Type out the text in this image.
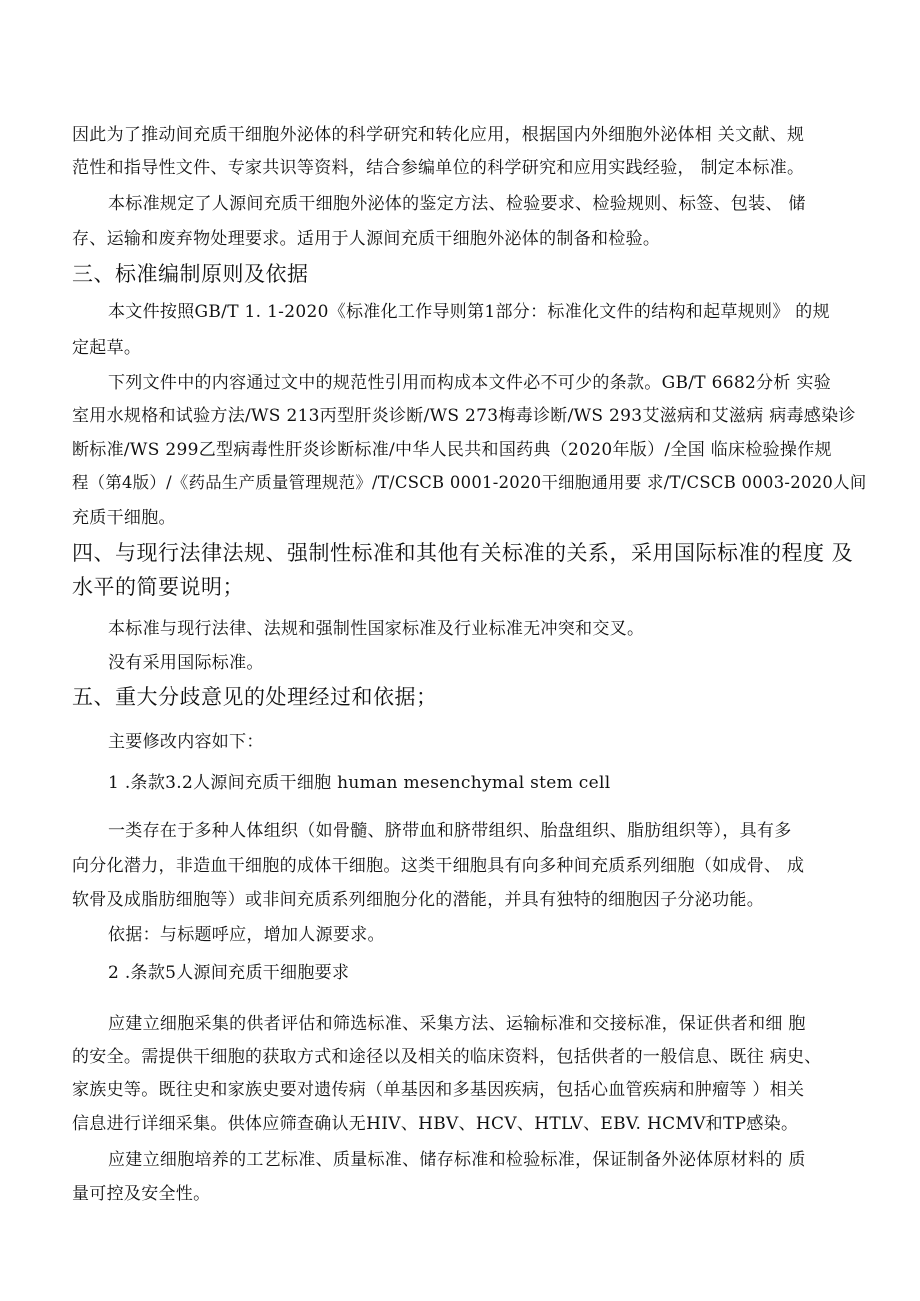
因此为了推动间充质干细胞外泌体的科学研究和转化应用，根据国内外细胞外泌体相 关文献、规
范性和指导性文件、专家共识等资料，结合参编单位的科学研究和应用实践经验， 制定本标准。
本标准规定了人源间充质干细胞外泌体的鉴定方法、检验要求、检验规则、标签、包装、 储
存、运输和废弃物处理要求。适用于人源间充质干细胞外泌体的制备和检验。
三、标准编制原则及依据
本文件按照GB/T 1. 1-2020《标准化工作导则第1部分：标准化文件的结构和起草规则》 的规
定起草。
下列文件中的内容通过文中的规范性引用而构成本文件必不可少的条款。GB/T 6682分析 实验
室用水规格和试验方法/WS 213丙型肝炎诊断/WS 273梅毒诊断/WS 293艾滋病和艾滋病 病毒感染诊
断标准/WS 299乙型病毒性肝炎诊断标准/中华人民共和国药典（2020年版）/全国 临床检验操作规
程（第4版）/《药品生产质量管理规范》/T/CSCB 0001-2020干细胞通用要 求/T/CSCB 0003-2020人间
充质干细胞。
四、与现行法律法规、强制性标准和其他有关标准的关系，采用国际标准的程度 及
水平的简要说明；
本标准与现行法律、法规和强制性国家标准及行业标准无冲突和交叉。
没有采用国际标准。
五、重大分歧意见的处理经过和依据；
主要修改内容如下：
1 .条款3.2人源间充质干细胞 human mesenchymal stem cell
一类存在于多种人体组织（如骨髓、脐带血和脐带组织、胎盘组织、脂肪组织等），具有多
向分化潜力，非造血干细胞的成体干细胞。这类干细胞具有向多种间充质系列细胞（如成骨、 成
软骨及成脂肪细胞等）或非间充质系列细胞分化的潜能，并具有独特的细胞因子分泌功能。
依据：与标题呼应，增加人源要求。
2 .条款5人源间充质干细胞要求
应建立细胞采集的供者评估和筛选标准、采集方法、运输标准和交接标准，保证供者和细 胞
的安全。需提供干细胞的获取方式和途径以及相关的临床资料，包括供者的一般信息、既往 病史、
家族史等。既往史和家族史要对遗传病（单基因和多基因疾病，包括心血管疾病和肿瘤等 ）相关
信息进行详细采集。供体应筛查确认无HIV、HBV、HCV、HTLV、EBV. HCMV和TP感染。
应建立细胞培养的工艺标准、质量标准、储存标准和检验标准，保证制备外泌体原材料的 质
量可控及安全性。
